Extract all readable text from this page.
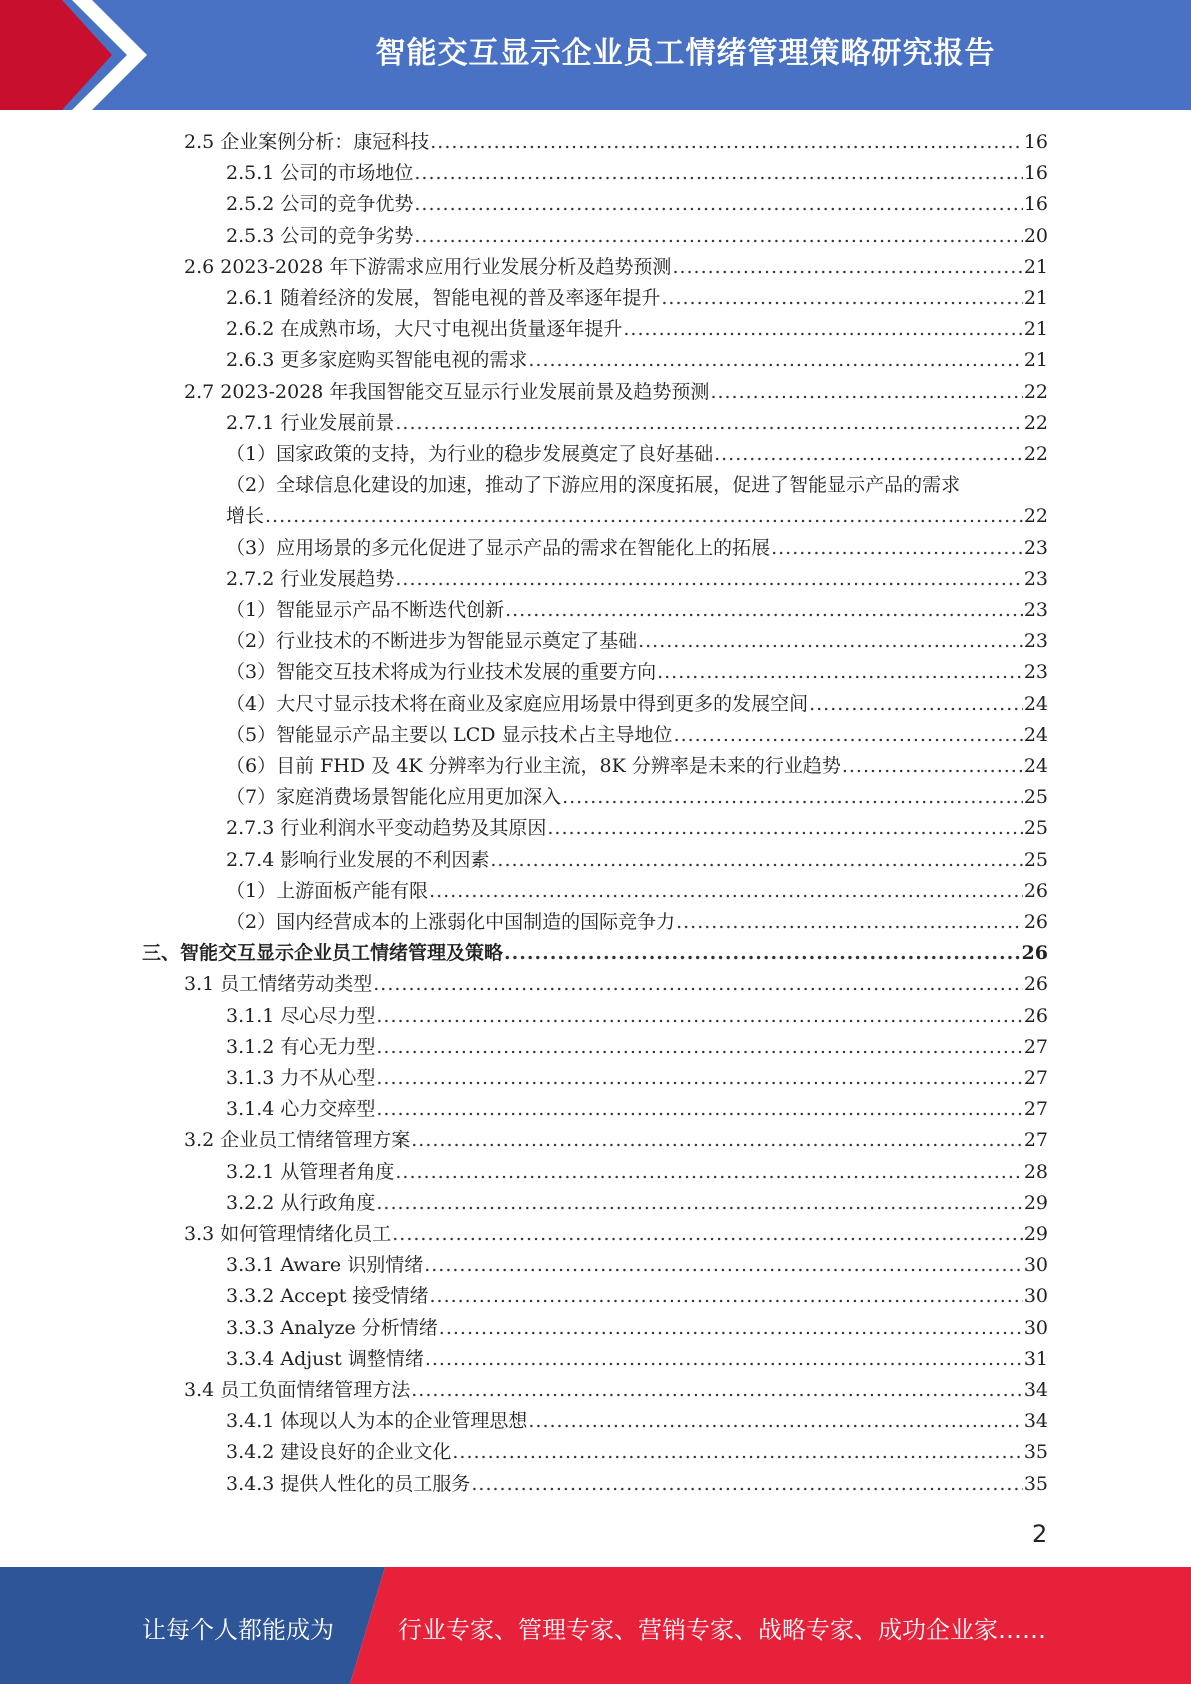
智能交互显示企业员工情绪管理策略研究报告
2.5 企业案例分析：康冠科技 .....	16
2.5.1 公司的市场地位 .....	16
2.5.2 公司的竞争优势 .....	16
2.5.3 公司的竞争劣势 .....	20
2.6 2023-2028 年下游需求应用行业发展分析及趋势预测 .....	21
2.6.1 随着经济的发展，智能电视的普及率逐年提升 .....	21
2.6.2 在成熟市场，大尺寸电视出货量逐年提升 .....	21
2.6.3 更多家庭购买智能电视的需求 .....	21
2.7 2023-2028 年我国智能交互显示行业发展前景及趋势预测 .....	22
2.7.1 行业发展前景 .....	22
（1）国家政策的支持，为行业的稳步发展奠定了良好基础 .....	22
（2）全球信息化建设的加速，推动了下游应用的深度拓展，促进了智能显示产品的需求
增长 .....	22
（3）应用场景的多元化促进了显示产品的需求在智能化上的拓展 .....	23
2.7.2 行业发展趋势 .....	23
（1）智能显示产品不断迭代创新 .....	23
（2）行业技术的不断进步为智能显示奠定了基础 .....	23
（3）智能交互技术将成为行业技术发展的重要方向 .....	23
（4）大尺寸显示技术将在商业及家庭应用场景中得到更多的发展空间 .....	24
（5）智能显示产品主要以 LCD 显示技术占主导地位 .....	24
（6）目前 FHD 及 4K 分辨率为行业主流，8K 分辨率是未来的行业趋势 .....	24
（7）家庭消费场景智能化应用更加深入 .....	25
2.7.3 行业利润水平变动趋势及其原因 .....	25
2.7.4 影响行业发展的不利因素 .....	25
（1）上游面板产能有限 .....	26
（2）国内经营成本的上涨弱化中国制造的国际竞争力 .....	26
三、智能交互显示企业员工情绪管理及策略 .....	26
3.1 员工情绪劳动类型 .....	26
3.1.1 尽心尽力型 .....	26
3.1.2 有心无力型 .....	27
3.1.3 力不从心型 .....	27
3.1.4 心力交瘁型 .....	27
3.2 企业员工情绪管理方案 .....	27
3.2.1 从管理者角度 .....	28
3.2.2 从行政角度 .....	29
3.3 如何管理情绪化员工 .....	29
3.3.1 Aware 识别情绪 .....	30
3.3.2 Accept 接受情绪 .....	30
3.3.3 Analyze 分析情绪 .....	30
3.3.4 Adjust 调整情绪 .....	31
3.4 员工负面情绪管理方法 .....	34
3.4.1 体现以人为本的企业管理思想 .....	34
3.4.2 建设良好的企业文化 .....	35
3.4.3 提供人性化的员工服务 .....	35
2
让每个人都能成为	行业专家、管理专家、营销专家、战略专家、成功企业家……
